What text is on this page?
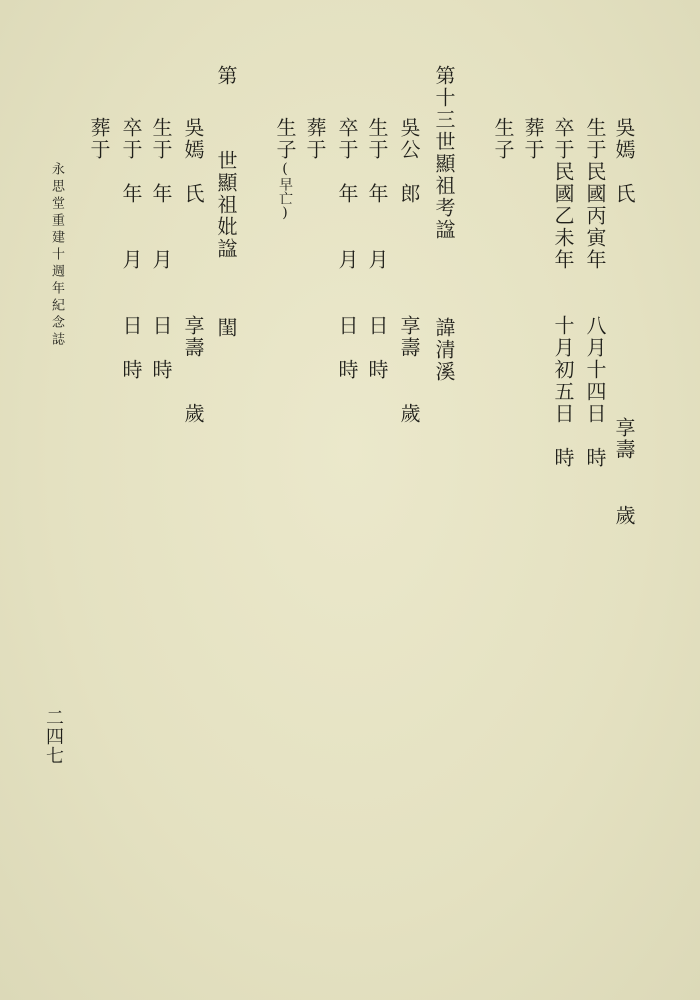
吳嫣　氏
享壽　　歲
生于民國丙寅年
八月十四日　時
卒于民國乙未年
十月初五日　時
葬于
生子
第十三世顯祖考諡
諱清溪
吳公　郎
享壽　　歲
生于　年　　月　　日　時
卒于　年　　月　　日　時
葬于
生子(早亡)
第
世顯祖妣諡
閨
吳嫣　氏
享壽　　歲
生于　年　　月　　日　時
卒于　年　　月　　日　時
葬于
永思堂重建十週年紀念誌
二四七
